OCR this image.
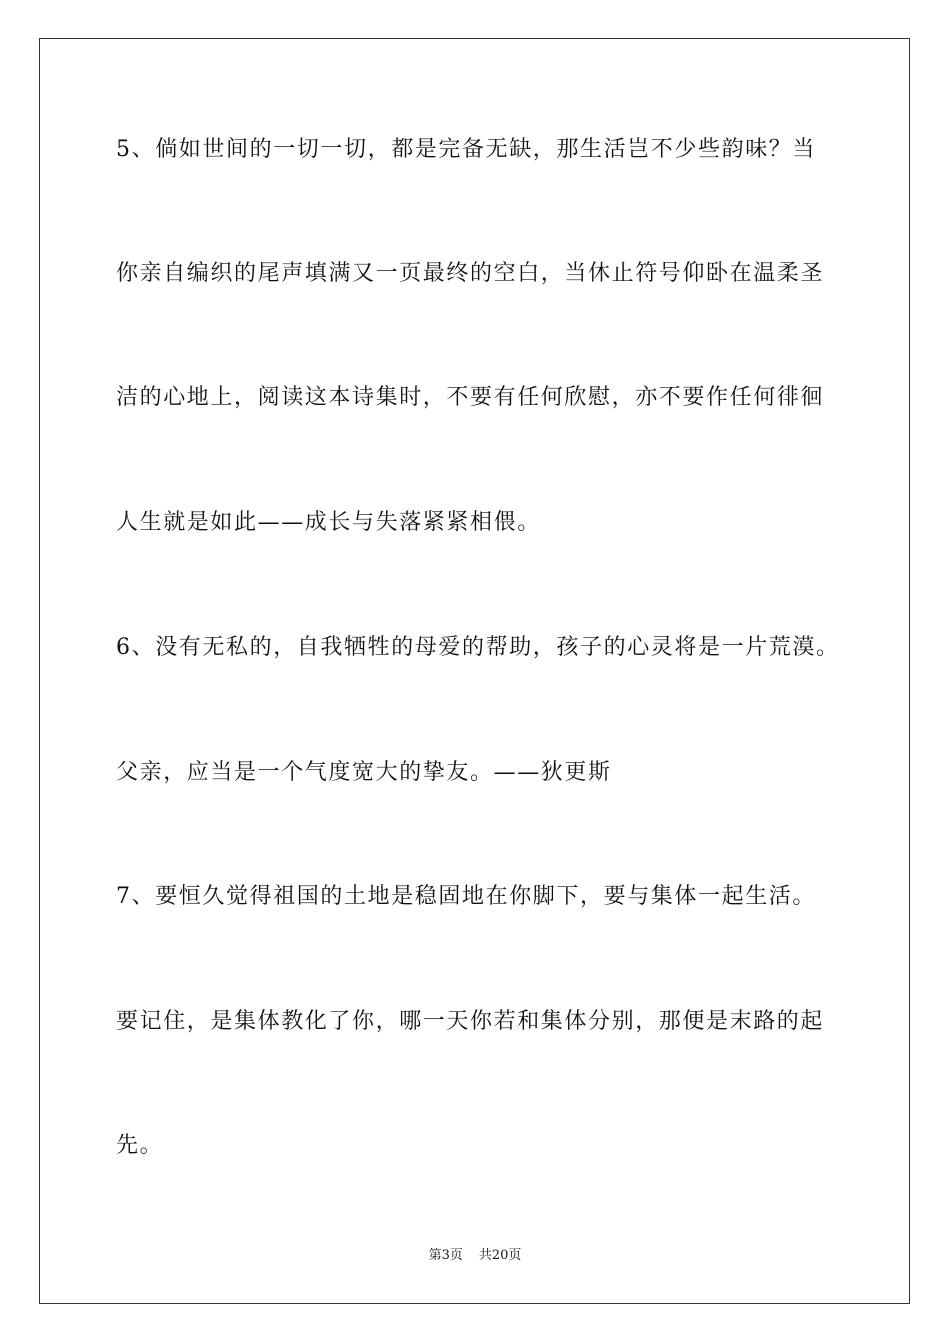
5、倘如世间的一切一切，都是完备无缺，那生活岂不少些韵味？当
你亲自编织的尾声填满又一页最终的空白，当休止符号仰卧在温柔圣
洁的心地上，阅读这本诗集时，不要有任何欣慰，亦不要作任何徘徊
人生就是如此——成长与失落紧紧相偎。
6、没有无私的，自我牺牲的母爱的帮助，孩子的心灵将是一片荒漠。
父亲，应当是一个气度宽大的挚友。——狄更斯
7、要恒久觉得祖国的土地是稳固地在你脚下，要与集体一起生活。
要记住，是集体教化了你，哪一天你若和集体分别，那便是末路的起
先。
第3页 共20页
